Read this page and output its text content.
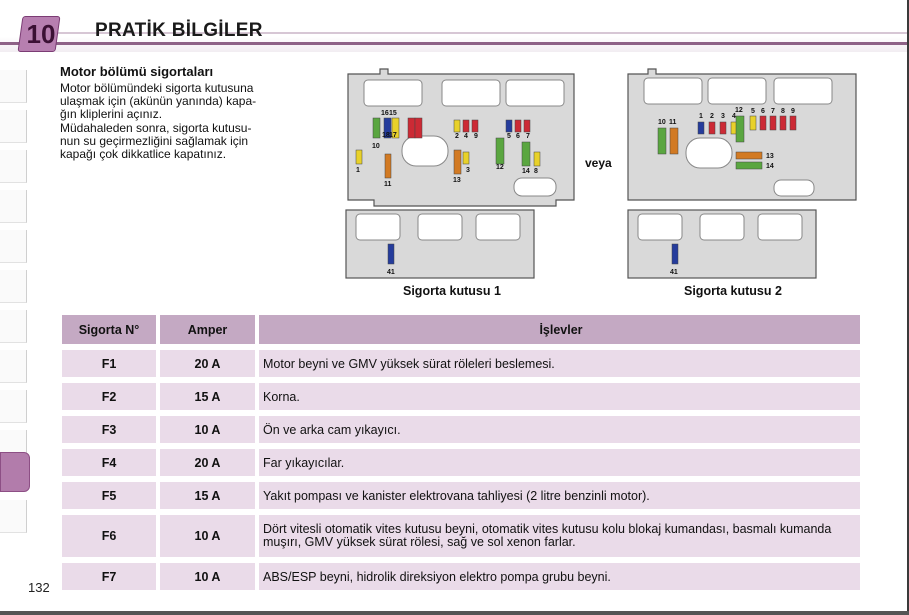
10 PRATİK BİLGİLER
Motor bölümü sigortaları
Motor bölümündeki sigorta kutusuna
ulaşmak için (akünün yanında) kapa-
ğın kliplerini açınız.
Müdahaleden sonra, sigorta kutusu-
nun su geçirmezliğini sağlamak için
kapağı çok dikkatlice kapatınız.
16 15
18 17
10
2 4 9	5 6 7
1
11
3
13
12
14 8
41
veya
10 11
1 2 3 4
12 5 6 7 8 9
13
14
41
Sigorta kutusu 1	Sigorta kutusu 2
Sigorta N°	Amper	İşlevler
F1	20 A	Motor beyni ve GMV yüksek sürat röleleri beslemesi.
F2	15 A	Korna.
F3	10 A	Ön ve arka cam yıkayıcı.
F4	20 A	Far yıkayıcılar.
F5	15 A	Yakıt pompası ve kanister elektrovana tahliyesi (2 litre benzinli motor).
F6	10 A	Dört vitesli otomatik vites kutusu beyni, otomatik vites kutusu kolu blokaj kumandası, basmalı kumanda muşırı, GMV yüksek sürat rölesi, sağ ve sol xenon farlar.
F7	10 A	ABS/ESP beyni, hidrolik direksiyon elektro pompa grubu beyni.
132
